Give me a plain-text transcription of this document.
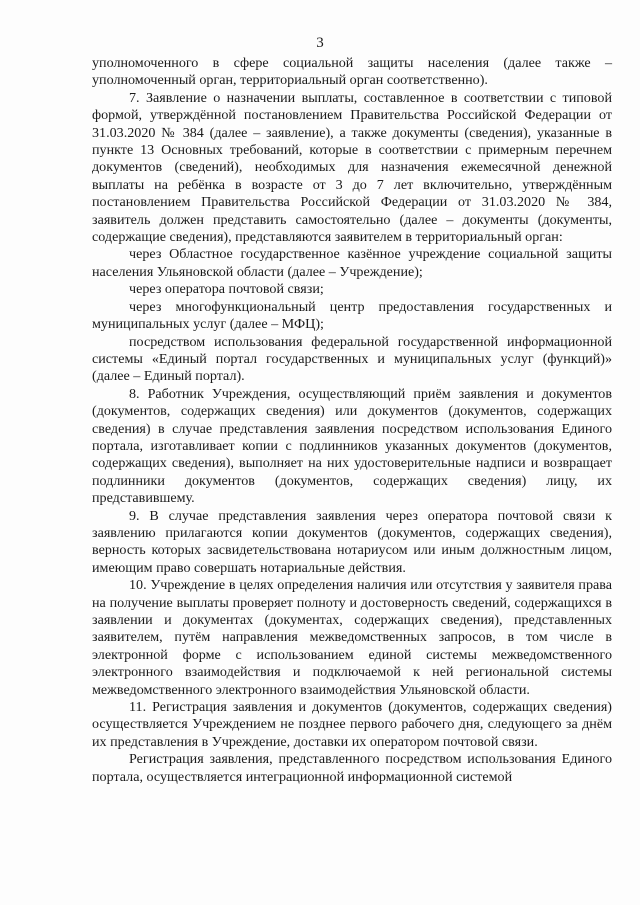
3

уполномоченного в сфере социальной защиты населения (далее также – уполномоченный орган, территориальный орган соответственно).

7. Заявление о назначении выплаты, составленное в соответствии с типовой формой, утверждённой постановлением Правительства Российской Федерации от 31.03.2020 № 384 (далее – заявление), а также документы (сведения), указанные в пункте 13 Основных требований, которые в соответствии с примерным перечнем документов (сведений), необходимых для назначения ежемесячной денежной выплаты на ребёнка в возрасте от 3 до 7 лет включительно, утверждённым постановлением Правительства Российской Федерации от 31.03.2020 № 384, заявитель должен представить самостоятельно (далее – документы (документы, содержащие сведения), представляются заявителем в территориальный орган:

через Областное государственное казённое учреждение социальной защиты населения Ульяновской области (далее – Учреждение);

через оператора почтовой связи;

через многофункциональный центр предоставления государственных и муниципальных услуг (далее – МФЦ);

посредством использования федеральной государственной информационной системы «Единый портал государственных и муниципальных услуг (функций)» (далее – Единый портал).

8. Работник Учреждения, осуществляющий приём заявления и документов (документов, содержащих сведения) или документов (документов, содержащих сведения) в случае представления заявления посредством использования Единого портала, изготавливает копии с подлинников указанных документов (документов, содержащих сведения), выполняет на них удостоверительные надписи и возвращает подлинники документов (документов, содержащих сведения) лицу, их представившему.

9. В случае представления заявления через оператора почтовой связи к заявлению прилагаются копии документов (документов, содержащих сведения), верность которых засвидетельствована нотариусом или иным должностным лицом, имеющим право совершать нотариальные действия.

10. Учреждение в целях определения наличия или отсутствия у заявителя права на получение выплаты проверяет полноту и достоверность сведений, содержащихся в заявлении и документах (документах, содержащих сведения), представленных заявителем, путём направления межведомственных запросов, в том числе в электронной форме с использованием единой системы межведомственного электронного взаимодействия и подключаемой к ней региональной системы межведомственного электронного взаимодействия Ульяновской области.

11. Регистрация заявления и документов (документов, содержащих сведения) осуществляется Учреждением не позднее первого рабочего дня, следующего за днём их представления в Учреждение, доставки их оператором почтовой связи.

Регистрация заявления, представленного посредством использования Единого портала, осуществляется интеграционной информационной системой
